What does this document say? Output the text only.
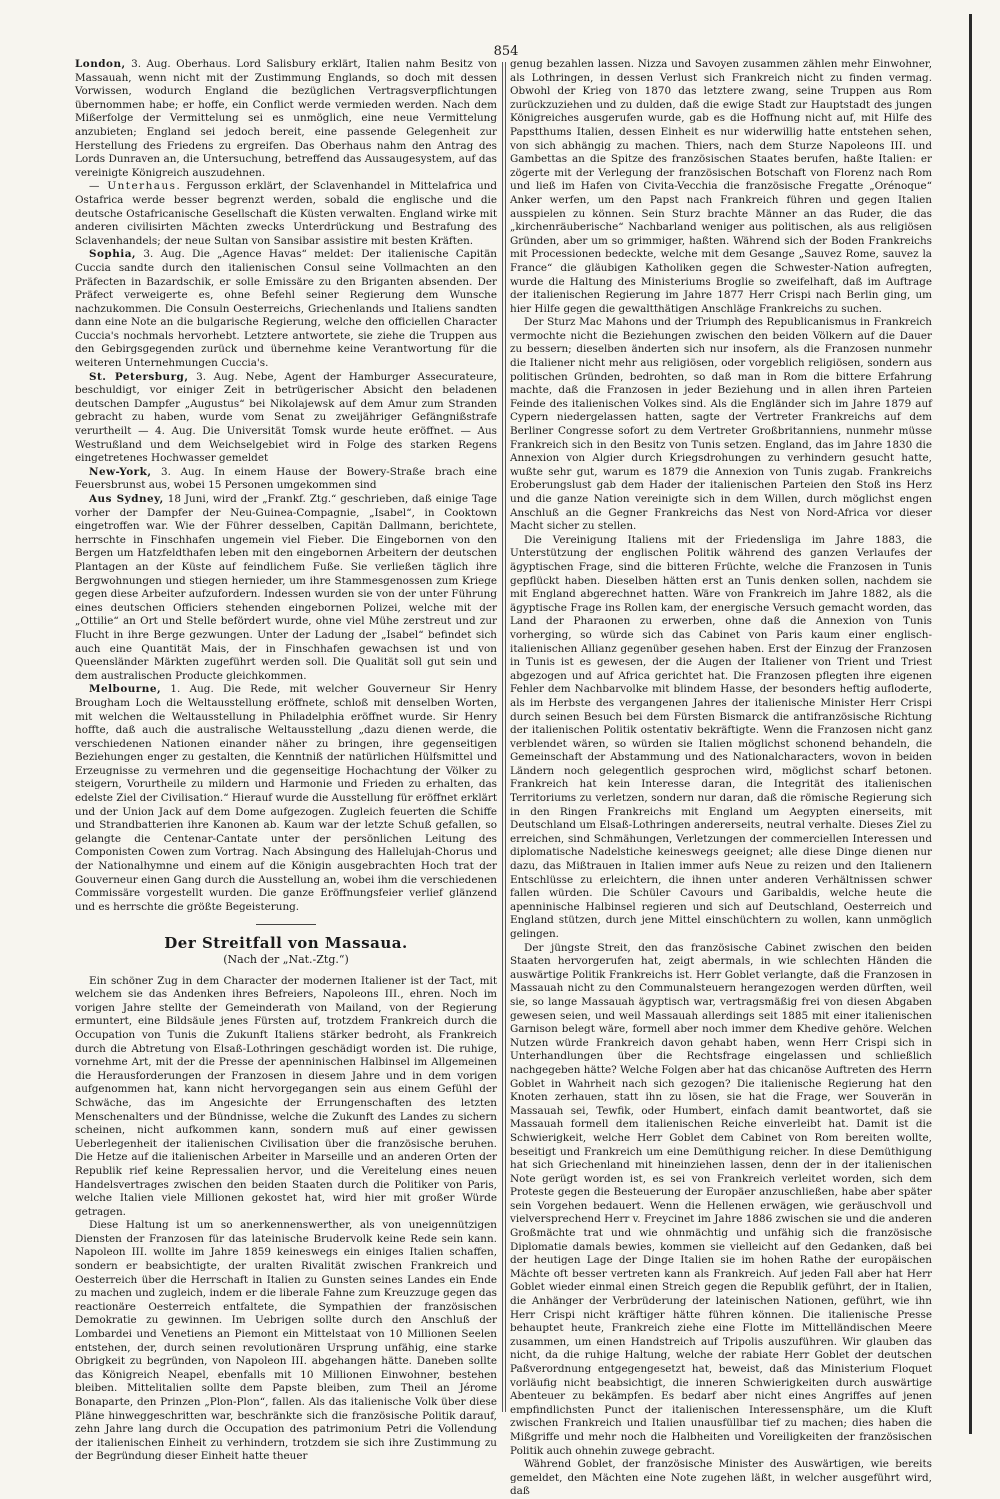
854

London, 3. Aug. Oberhaus. Lord Salisbury erklärt, Italien nahm Besitz von Massauah, wenn nicht mit der Zustimmung Englands, so doch mit dessen Vorwissen, wodurch England die bezüglichen Vertragsverpflichtungen übernommen habe; er hoffe, ein Conflict werde vermieden werden. Nach dem Mißerfolge der Vermittelung sei es unmöglich, eine neue Vermittelung anzubieten; England sei jedoch bereit, eine passende Gelegenheit zur Herstellung des Friedens zu ergreifen. Das Oberhaus nahm den Antrag des Lords Dunraven an, die Untersuchung, betreffend das Aussaugesystem, auf das vereinigte Königreich auszudehnen.

— Unterhaus. Fergusson erklärt, der Sclavenhandel in Mittelafrica und Ostafrica werde besser begrenzt werden, sobald die englische und die deutsche Ostafricanische Gesellschaft die Küsten verwalten. England wirke mit anderen civilisirten Mächten zwecks Unterdrückung und Bestrafung des Sclavenhandels; der neue Sultan von Sansibar assistire mit besten Kräften.

Sophia, 3. Aug. Die „Agence Havas“ meldet: Der italienische Capitän Cuccia sandte durch den italienischen Consul seine Vollmachten an den Präfecten in Bazardschik, er solle Emissäre zu den Briganten absenden. Der Präfect verweigerte es, ohne Befehl seiner Regierung dem Wunsche nachzukommen. Die Consuln Oesterreichs, Griechenlands und Italiens sandten dann eine Note an die bulgarische Regierung, welche den officiellen Character Cuccia's nochmals hervorhebt. Letztere antwortete, sie ziehe die Truppen aus den Gebirgsgegenden zurück und übernehme keine Verantwortung für die weiteren Unternehmungen Cuccia's.

St. Petersburg, 3. Aug. Nebe, Agent der Hamburger Assecurateure, beschuldigt, vor einiger Zeit in betrügerischer Absicht den beladenen deutschen Dampfer „Augustus“ bei Nikolajewsk auf dem Amur zum Stranden gebracht zu haben, wurde vom Senat zu zweijähriger Gefängnißstrafe verurtheilt — 4. Aug. Die Universität Tomsk wurde heute eröffnet. — Aus Westrußland und dem Weichselgebiet wird in Folge des starken Regens eingetretenes Hochwasser gemeldet

New-York, 3. Aug. In einem Hause der Bowery-Straße brach eine Feuersbrunst aus, wobei 15 Personen umgekommen sind

Aus Sydney, 18 Juni, wird der „Frankf. Ztg.“ geschrieben, daß einige Tage vorher der Dampfer der Neu-Guinea-Compagnie, „Isabel“, in Cooktown eingetroffen war. Wie der Führer desselben, Capitän Dallmann, berichtete, herrschte in Finschhafen ungemein viel Fieber. Die Eingebornen von den Bergen um Hatzfeldthafen leben mit den eingebornen Arbeitern der deutschen Plantagen an der Küste auf feindlichem Fuße. Sie verließen täglich ihre Bergwohnungen und stiegen hernieder, um ihre Stammesgenossen zum Kriege gegen diese Arbeiter aufzufordern. Indessen wurden sie von der unter Führung eines deutschen Officiers stehenden eingebornen Polizei, welche mit der „Ottilie“ an Ort und Stelle befördert wurde, ohne viel Mühe zerstreut und zur Flucht in ihre Berge gezwungen. Unter der Ladung der „Isabel“ befindet sich auch eine Quantität Mais, der in Finschhafen gewachsen ist und von Queensländer Märkten zugeführt werden soll. Die Qualität soll gut sein und dem australischen Producte gleichkommen.

Melbourne, 1. Aug. Die Rede, mit welcher Gouverneur Sir Henry Brougham Loch die Weltausstellung eröffnete, schloß mit denselben Worten, mit welchen die Weltausstellung in Philadelphia eröffnet wurde. Sir Henry hoffte, daß auch die australische Weltausstellung „dazu dienen werde, die verschiedenen Nationen einander näher zu bringen, ihre gegenseitigen Beziehungen enger zu gestalten, die Kenntniß der natürlichen Hülfsmittel und Erzeugnisse zu vermehren und die gegenseitige Hochachtung der Völker zu steigern, Vorurtheile zu mildern und Harmonie und Frieden zu erhalten, das edelste Ziel der Civilisation.“ Hierauf wurde die Ausstellung für eröffnet erklärt und der Union Jack auf dem Dome aufgezogen. Zugleich feuerten die Schiffe und Strandbatterien ihre Kanonen ab. Kaum war der letzte Schuß gefallen, so gelangte die Centenar-Cantate unter der persönlichen Leitung des Componisten Cowen zum Vortrag. Nach Absingung des Hallelujah-Chorus und der Nationalhymne und einem auf die Königin ausgebrachten Hoch trat der Gouverneur einen Gang durch die Ausstellung an, wobei ihm die verschiedenen Commissäre vorgestellt wurden. Die ganze Eröffnungsfeier verlief glänzend und es herrschte die größte Begeisterung.

Der Streitfall von Massaua.
(Nach der „Nat.-Ztg.“)

Ein schöner Zug in dem Character der modernen Italiener ist der Tact, mit welchem sie das Andenken ihres Befreiers, Napoleons III., ehren. Noch im vorigen Jahre stellte der Gemeinderath von Mailand, von der Regierung ermuntert, eine Bildsäule jenes Fürsten auf, trotzdem Frankreich durch die Occupation von Tunis die Zukunft Italiens stärker bedroht, als Frankreich durch die Abtretung von Elsaß-Lothringen geschädigt worden ist. Die ruhige, vornehme Art, mit der die Presse der apenninischen Halbinsel im Allgemeinen die Herausforderungen der Franzosen in diesem Jahre und in dem vorigen aufgenommen hat, kann nicht hervorgegangen sein aus einem Gefühl der Schwäche, das im Angesichte der Errungenschaften des letzten Menschenalters und der Bündnisse, welche die Zukunft des Landes zu sichern scheinen, nicht aufkommen kann, sondern muß auf einer gewissen Ueberlegenheit der italienischen Civilisation über die französische beruhen. Die Hetze auf die italienischen Arbeiter in Marseille und an anderen Orten der Republik rief keine Repressalien hervor, und die Vereitelung eines neuen Handelsvertrages zwischen den beiden Staaten durch die Politiker von Paris, welche Italien viele Millionen gekostet hat, wird hier mit großer Würde getragen.

Diese Haltung ist um so anerkennenswerther, als von uneigennützigen Diensten der Franzosen für das lateinische Brudervolk keine Rede sein kann. Napoleon III. wollte im Jahre 1859 keineswegs ein einiges Italien schaffen, sondern er beabsichtigte, der uralten Rivalität zwischen Frankreich und Oesterreich über die Herrschaft in Italien zu Gunsten seines Landes ein Ende zu machen und zugleich, indem er die liberale Fahne zum Kreuzzuge gegen das reactionäre Oesterreich entfaltete, die Sympathien der französischen Demokratie zu gewinnen. Im Uebrigen sollte durch den Anschluß der Lombardei und Venetiens an Piemont ein Mittelstaat von 10 Millionen Seelen entstehen, der, durch seinen revolutionären Ursprung unfähig, eine starke Obrigkeit zu begründen, von Napoleon III. abgehangen hätte. Daneben sollte das Königreich Neapel, ebenfalls mit 10 Millionen Einwohner, bestehen bleiben. Mittelitalien sollte dem Papste bleiben, zum Theil an Jérome Bonaparte, den Prinzen „Plon-Plon“, fallen. Als das italienische Volk über diese Pläne hinweggeschritten war, beschränkte sich die französische Politik darauf, zehn Jahre lang durch die Occupation des patrimonium Petri die Vollendung der italienischen Einheit zu verhindern, trotzdem sie sich ihre Zustimmung zu der Begründung dieser Einheit hatte theuer

genug bezahlen lassen. Nizza und Savoyen zusammen zählen mehr Einwohner, als Lothringen, in dessen Verlust sich Frankreich nicht zu finden vermag. Obwohl der Krieg von 1870 das letztere zwang, seine Truppen aus Rom zurückzuziehen und zu dulden, daß die ewige Stadt zur Hauptstadt des jungen Königreiches ausgerufen wurde, gab es die Hoffnung nicht auf, mit Hilfe des Papstthums Italien, dessen Einheit es nur widerwillig hatte entstehen sehen, von sich abhängig zu machen. Thiers, nach dem Sturze Napoleons III. und Gambettas an die Spitze des französischen Staates berufen, haßte Italien: er zögerte mit der Verlegung der französischen Botschaft von Florenz nach Rom und ließ im Hafen von Civita-Vecchia die französische Fregatte „Orénoque“ Anker werfen, um den Papst nach Frankreich führen und gegen Italien ausspielen zu können. Sein Sturz brachte Männer an das Ruder, die das „kirchenräuberische“ Nachbarland weniger aus politischen, als aus religiösen Gründen, aber um so grimmiger, haßten. Während sich der Boden Frankreichs mit Processionen bedeckte, welche mit dem Gesange „Sauvez Rome, sauvez la France“ die gläubigen Katholiken gegen die Schwester-Nation aufregten, wurde die Haltung des Ministeriums Broglie so zweifelhaft, daß im Auftrage der italienischen Regierung im Jahre 1877 Herr Crispi nach Berlin ging, um hier Hilfe gegen die gewaltthätigen Anschläge Frankreichs zu suchen.

Der Sturz Mac Mahons und der Triumph des Republicanismus in Frankreich vermochte nicht die Beziehungen zwischen den beiden Völkern auf die Dauer zu bessern; dieselben änderten sich nur insofern, als die Franzosen nunmehr die Italiener nicht mehr aus religiösen, oder vorgeblich religiösen, sondern aus politischen Gründen, bedrohten, so daß man in Rom die bittere Erfahrung machte, daß die Franzosen in jeder Beziehung und in allen ihren Parteien Feinde des italienischen Volkes sind. Als die Engländer sich im Jahre 1879 auf Cypern niedergelassen hatten, sagte der Vertreter Frankreichs auf dem Berliner Congresse sofort zu dem Vertreter Großbritanniens, nunmehr müsse Frankreich sich in den Besitz von Tunis setzen. England, das im Jahre 1830 die Annexion von Algier durch Kriegsdrohungen zu verhindern gesucht hatte, wußte sehr gut, warum es 1879 die Annexion von Tunis zugab. Frankreichs Eroberungslust gab dem Hader der italienischen Parteien den Stoß ins Herz und die ganze Nation vereinigte sich in dem Willen, durch möglichst engen Anschluß an die Gegner Frankreichs das Nest von Nord-Africa vor dieser Macht sicher zu stellen.

Die Vereinigung Italiens mit der Friedensliga im Jahre 1883, die Unterstützung der englischen Politik während des ganzen Verlaufes der ägyptischen Frage, sind die bitteren Früchte, welche die Franzosen in Tunis gepflückt haben. Dieselben hätten erst an Tunis denken sollen, nachdem sie mit England abgerechnet hatten. Wäre von Frankreich im Jahre 1882, als die ägyptische Frage ins Rollen kam, der energische Versuch gemacht worden, das Land der Pharaonen zu erwerben, ohne daß die Annexion von Tunis vorherging, so würde sich das Cabinet von Paris kaum einer englisch-italienischen Allianz gegenüber gesehen haben. Erst der Einzug der Franzosen in Tunis ist es gewesen, der die Augen der Italiener von Trient und Triest abgezogen und auf Africa gerichtet hat. Die Franzosen pflegten ihre eigenen Fehler dem Nachbarvolke mit blindem Hasse, der besonders heftig aufloderte, als im Herbste des vergangenen Jahres der italienische Minister Herr Crispi durch seinen Besuch bei dem Fürsten Bismarck die antifranzösische Richtung der italienischen Politik ostentativ bekräftigte. Wenn die Franzosen nicht ganz verblendet wären, so würden sie Italien möglichst schonend behandeln, die Gemeinschaft der Abstammung und des Nationalcharacters, wovon in beiden Ländern noch gelegentlich gesprochen wird, möglichst scharf betonen. Frankreich hat kein Interesse daran, die Integrität des italienischen Territoriums zu verletzen, sondern nur daran, daß die römische Regierung sich in den Ringen Frankreichs mit England um Aegypten einerseits, mit Deutschland um Elsaß-Lothringen andererseits, neutral verhalte. Dieses Ziel zu erreichen, sind Schmähungen, Verletzungen der commerciellen Interessen und diplomatische Nadelstiche keineswegs geeignet; alle diese Dinge dienen nur dazu, das Mißtrauen in Italien immer aufs Neue zu reizen und den Italienern Entschlüsse zu erleichtern, die ihnen unter anderen Verhältnissen schwer fallen würden. Die Schüler Cavours und Garibaldis, welche heute die apenninische Halbinsel regieren und sich auf Deutschland, Oesterreich und England stützen, durch jene Mittel einschüchtern zu wollen, kann unmöglich gelingen.

Der jüngste Streit, den das französische Cabinet zwischen den beiden Staaten hervorgerufen hat, zeigt abermals, in wie schlechten Händen die auswärtige Politik Frankreichs ist. Herr Goblet verlangte, daß die Franzosen in Massauah nicht zu den Communalsteuern herangezogen werden dürften, weil sie, so lange Massauah ägyptisch war, vertragsmäßig frei von diesen Abgaben gewesen seien, und weil Massauah allerdings seit 1885 mit einer italienischen Garnison belegt wäre, formell aber noch immer dem Khedive gehöre. Welchen Nutzen würde Frankreich davon gehabt haben, wenn Herr Crispi sich in Unterhandlungen über die Rechtsfrage eingelassen und schließlich nachgegeben hätte? Welche Folgen aber hat das chicanöse Auftreten des Herrn Goblet in Wahrheit nach sich gezogen? Die italienische Regierung hat den Knoten zerhauen, statt ihn zu lösen, sie hat die Frage, wer Souverän in Massauah sei, Tewfik, oder Humbert, einfach damit beantwortet, daß sie Massauah formell dem italienischen Reiche einverleibt hat. Damit ist die Schwierigkeit, welche Herr Goblet dem Cabinet von Rom bereiten wollte, beseitigt und Frankreich um eine Demüthigung reicher. In diese Demüthigung hat sich Griechenland mit hineinziehen lassen, denn der in der italienischen Note gerügt worden ist, es sei von Frankreich verleitet worden, sich dem Proteste gegen die Besteuerung der Europäer anzuschließen, habe aber später sein Vorgehen bedauert. Wenn die Hellenen erwägen, wie geräuschvoll und vielversprechend Herr v. Freycinet im Jahre 1886 zwischen sie und die anderen Großmächte trat und wie ohnmächtig und unfähig sich die französische Diplomatie damals bewies, kommen sie vielleicht auf den Gedanken, daß bei der heutigen Lage der Dinge Italien sie im hohen Rathe der europäischen Mächte oft besser vertreten kann als Frankreich. Auf jeden Fall aber hat Herr Goblet wieder einmal einen Streich gegen die Republik geführt, der in Italien, die Anhänger der Verbrüderung der lateinischen Nationen, geführt, wie ihn Herr Crispi nicht kräftiger hätte führen können. Die italienische Presse behauptet heute, Frankreich ziehe eine Flotte im Mittelländischen Meere zusammen, um einen Handstreich auf Tripolis auszuführen. Wir glauben das nicht, da die ruhige Haltung, welche der rabiate Herr Goblet der deutschen Paßverordnung entgegengesetzt hat, beweist, daß das Ministerium Floquet vorläufig nicht beabsichtigt, die inneren Schwierigkeiten durch auswärtige Abenteuer zu bekämpfen. Es bedarf aber nicht eines Angriffes auf jenen empfindlichsten Punct der italienischen Interessensphäre, um die Kluft zwischen Frankreich und Italien unausfüllbar tief zu machen; dies haben die Mißgriffe und mehr noch die Halbheiten und Voreiligkeiten der französischen Politik auch ohnehin zuwege gebracht.

Während Goblet, der französische Minister des Auswärtigen, wie bereits gemeldet, den Mächten eine Note zugehen läßt, in welcher ausgeführt wird, daß
